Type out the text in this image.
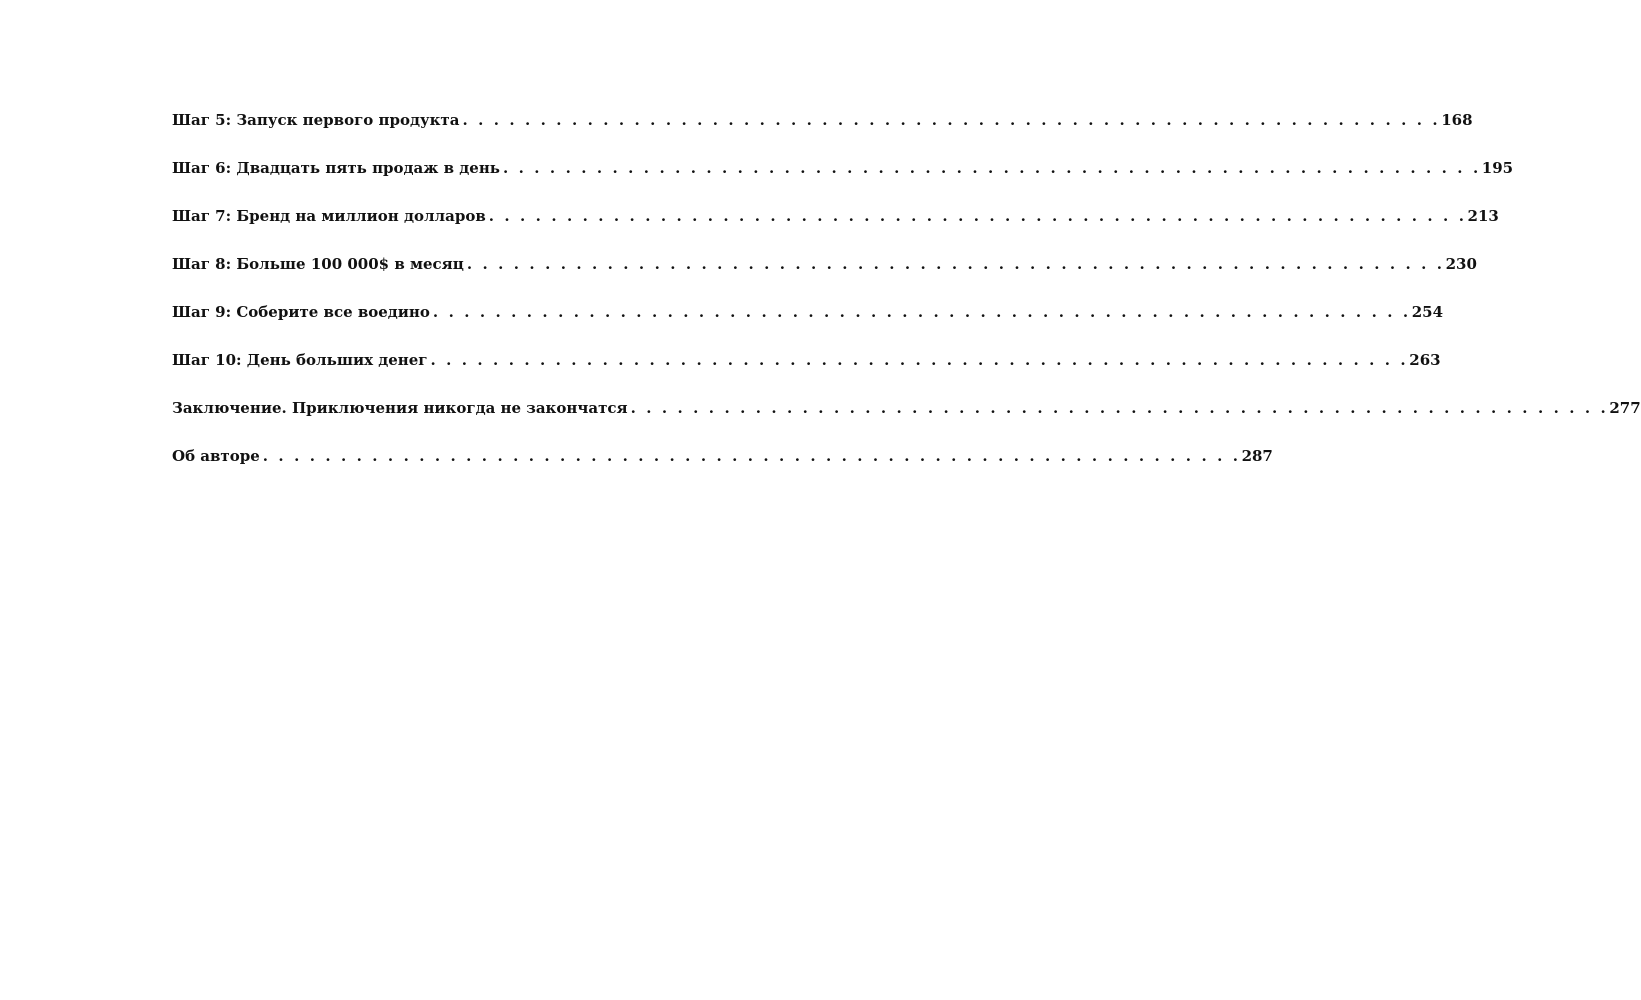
Шаг 5: Запуск первого продукта . . . . . . . . . . . . . . . . . . . . . . . . . . . . . . . . . . . . . . . . . . . . . . . . . . . . . . . . . . . . . . . 168
Шаг 6: Двадцать пять продаж в день . . . . . . . . . . . . . . . . . . . . . . . . . . . . . . . . . . . . . . . . . . . . . . . . . . . . . . . . . . . . . . . 195
Шаг 7: Бренд на миллион долларов . . . . . . . . . . . . . . . . . . . . . . . . . . . . . . . . . . . . . . . . . . . . . . . . . . . . . . . . . . . . . . . 213
Шаг 8: Больше 100 000$ в месяц . . . . . . . . . . . . . . . . . . . . . . . . . . . . . . . . . . . . . . . . . . . . . . . . . . . . . . . . . . . . . . . 230
Шаг 9: Соберите все воедино . . . . . . . . . . . . . . . . . . . . . . . . . . . . . . . . . . . . . . . . . . . . . . . . . . . . . . . . . . . . . . . 254
Шаг 10: День больших денег . . . . . . . . . . . . . . . . . . . . . . . . . . . . . . . . . . . . . . . . . . . . . . . . . . . . . . . . . . . . . . . 263
Заключение. Приключения никогда не закончатся . . . . . . . . . . . . . . . . . . . . . . . . . . . . . . . . . . . . . . . . . . . . . . . . . . . . . . . . . . . . . . . 277
Об авторе . . . . . . . . . . . . . . . . . . . . . . . . . . . . . . . . . . . . . . . . . . . . . . . . . . . . . . . . . . . . . . . 287
